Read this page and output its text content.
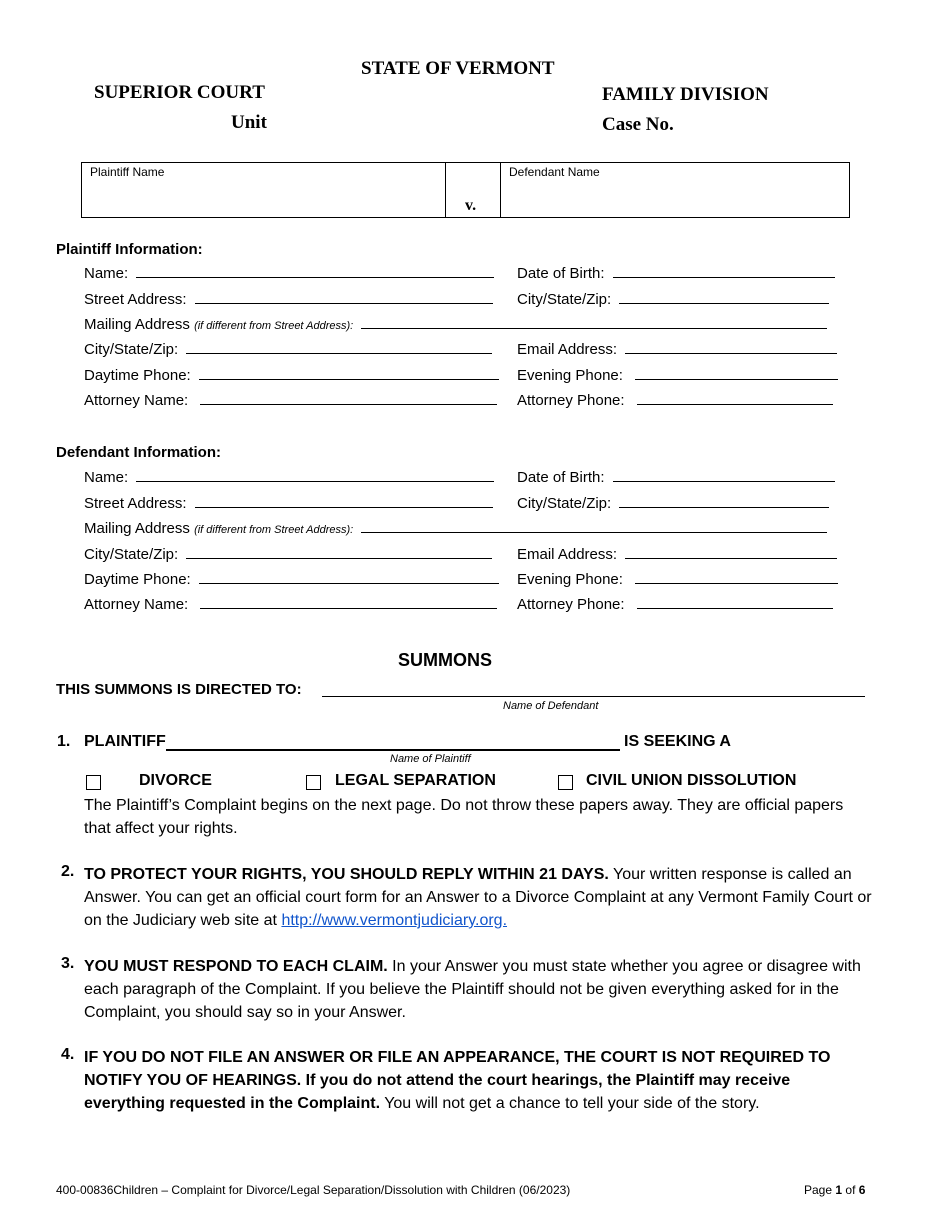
STATE OF VERMONT
SUPERIOR COURT
Unit
FAMILY DIVISION
Case No.
Plaintiff Name
v.
Defendant Name
Plaintiff Information:
Name:	Date of Birth:
Street Address:	City/State/Zip:
Mailing Address (if different from Street Address):
City/State/Zip:	Email Address:
Daytime Phone:	Evening Phone:
Attorney Name:	Attorney Phone:
Defendant Information:
Name:	Date of Birth:
Street Address:	City/State/Zip:
Mailing Address (if different from Street Address):
City/State/Zip:	Email Address:
Daytime Phone:	Evening Phone:
Attorney Name:	Attorney Phone:
SUMMONS
THIS SUMMONS IS DIRECTED TO:
Name of Defendant
1. PLAINTIFF	IS SEEKING A
Name of Plaintiff
DIVORCE	LEGAL SEPARATION	CIVIL UNION DISSOLUTION
The Plaintiff’s Complaint begins on the next page. Do not throw these papers away. They are official papers that affect your rights.
2. TO PROTECT YOUR RIGHTS, YOU SHOULD REPLY WITHIN 21 DAYS. Your written response is called an Answer. You can get an official court form for an Answer to a Divorce Complaint at any Vermont Family Court or on the Judiciary web site at http://www.vermontjudiciary.org.
3. YOU MUST RESPOND TO EACH CLAIM. In your Answer you must state whether you agree or disagree with each paragraph of the Complaint. If you believe the Plaintiff should not be given everything asked for in the Complaint, you should say so in your Answer.
4. IF YOU DO NOT FILE AN ANSWER OR FILE AN APPEARANCE, THE COURT IS NOT REQUIRED TO NOTIFY YOU OF HEARINGS. If you do not attend the court hearings, the Plaintiff may receive everything requested in the Complaint. You will not get a chance to tell your side of the story.
400-00836Children – Complaint for Divorce/Legal Separation/Dissolution with Children (06/2023)	Page 1 of 6
